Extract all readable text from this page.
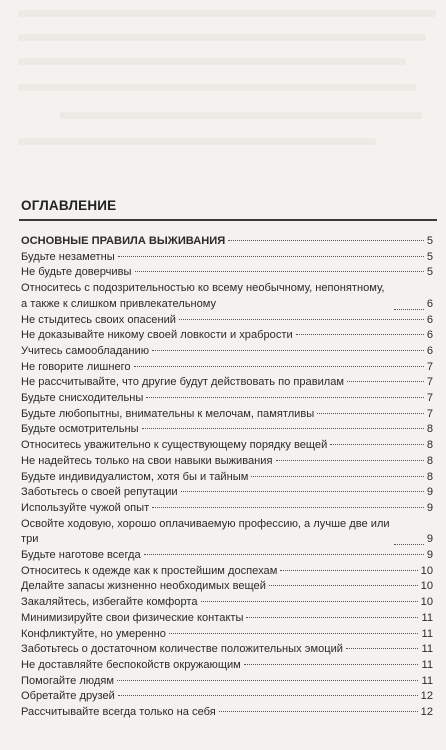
ОГЛАВЛЕНИЕ
ОСНОВНЫЕ ПРАВИЛА ВЫЖИВАНИЯ	5
Будьте незаметны	5
Не будьте доверчивы	5
Относитесь с подозрительностью ко всему необычному, непонятному, а также к слишком привлекательному	6
Не стыдитесь своих опасений	6
Не доказывайте никому своей ловкости и храбрости	6
Учитесь самообладанию	6
Не говорите лишнего	7
Не рассчитывайте, что другие будут действовать по правилам	7
Будьте снисходительны	7
Будьте любопытны, внимательны к мелочам, памятливы	7
Будьте осмотрительны	8
Относитесь уважительно к существующему порядку вещей	8
Не надейтесь только на свои навыки выживания	8
Будьте индивидуалистом, хотя бы и тайным	8
Заботьтесь о своей репутации	9
Используйте чужой опыт	9
Освойте ходовую, хорошо оплачиваемую профессию, а лучше две или три	9
Будьте наготове всегда	9
Относитесь к одежде как к простейшим доспехам	10
Делайте запасы жизненно необходимых вещей	10
Закаляйтесь, избегайте комфорта	10
Минимизируйте свои физические контакты	11
Конфликтуйте, но умеренно	11
Заботьтесь о достаточном количестве положительных эмоций	11
Не доставляйте беспокойств окружающим	11
Помогайте людям	11
Обретайте друзей	12
Рассчитывайте всегда только на себя	12
